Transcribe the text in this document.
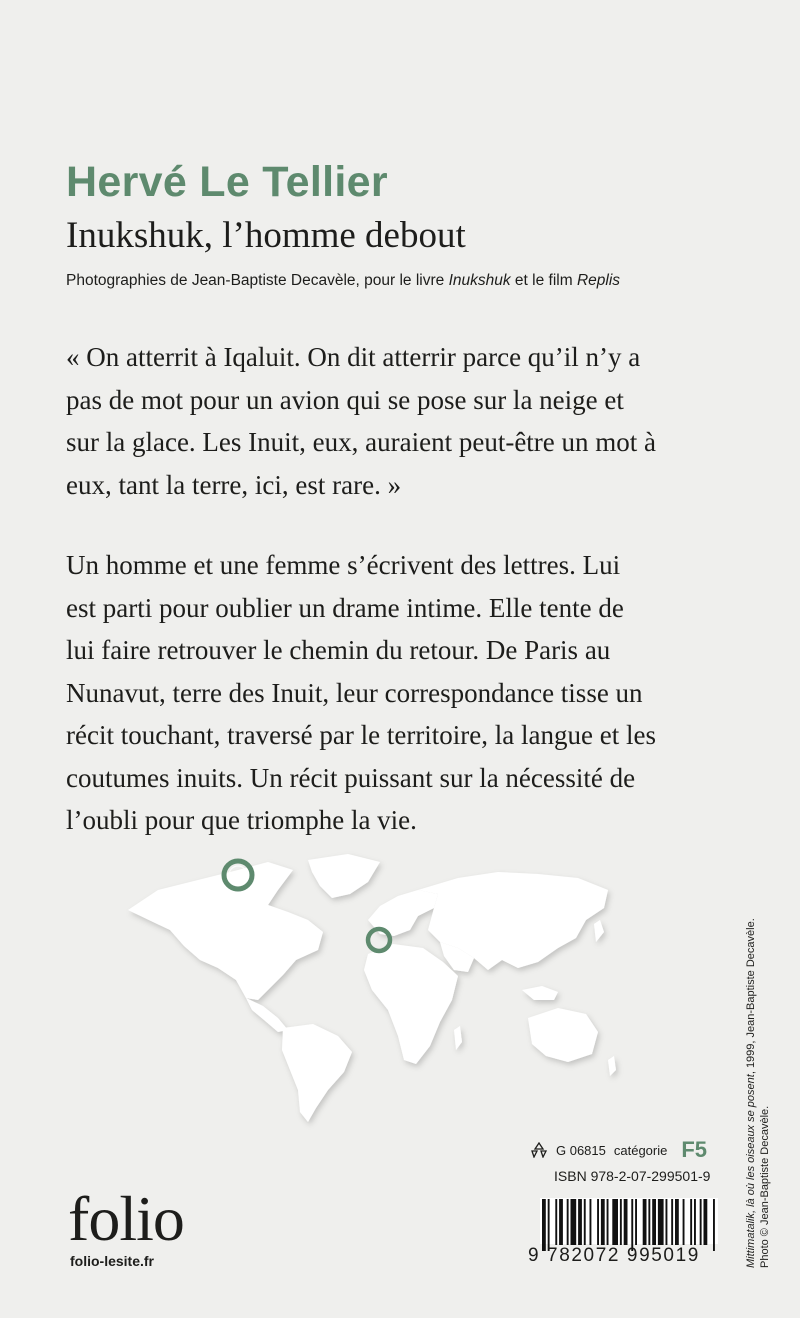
Hervé Le Tellier
Inukshuk, l’homme debout
Photographies de Jean-Baptiste Decavèle, pour le livre Inukshuk et le film Replis
« On atterrit à Iqaluit. On dit atterrir parce qu’il n’y a
pas de mot pour un avion qui se pose sur la neige et
sur la glace. Les Inuit, eux, auraient peut-être un mot à
eux, tant la terre, ici, est rare. »
Un homme et une femme s’écrivent des lettres. Lui
est parti pour oublier un drame intime. Elle tente de
lui faire retrouver le chemin du retour. De Paris au
Nunavut, terre des Inuit, leur correspondance tisse un
récit touchant, traversé par le territoire, la langue et les
coutumes inuits. Un récit puissant sur la nécessité de
l’oubli pour que triomphe la vie.
Mittimatalik, là où les oiseaux se posent, 1999, Jean-Baptiste Decavèle.
Photo © Jean-Baptiste Decavèle.
G 06815 catégorie F5
ISBN 978-2-07-299501-9
folio
folio-lesite.fr	9 782072 995019
